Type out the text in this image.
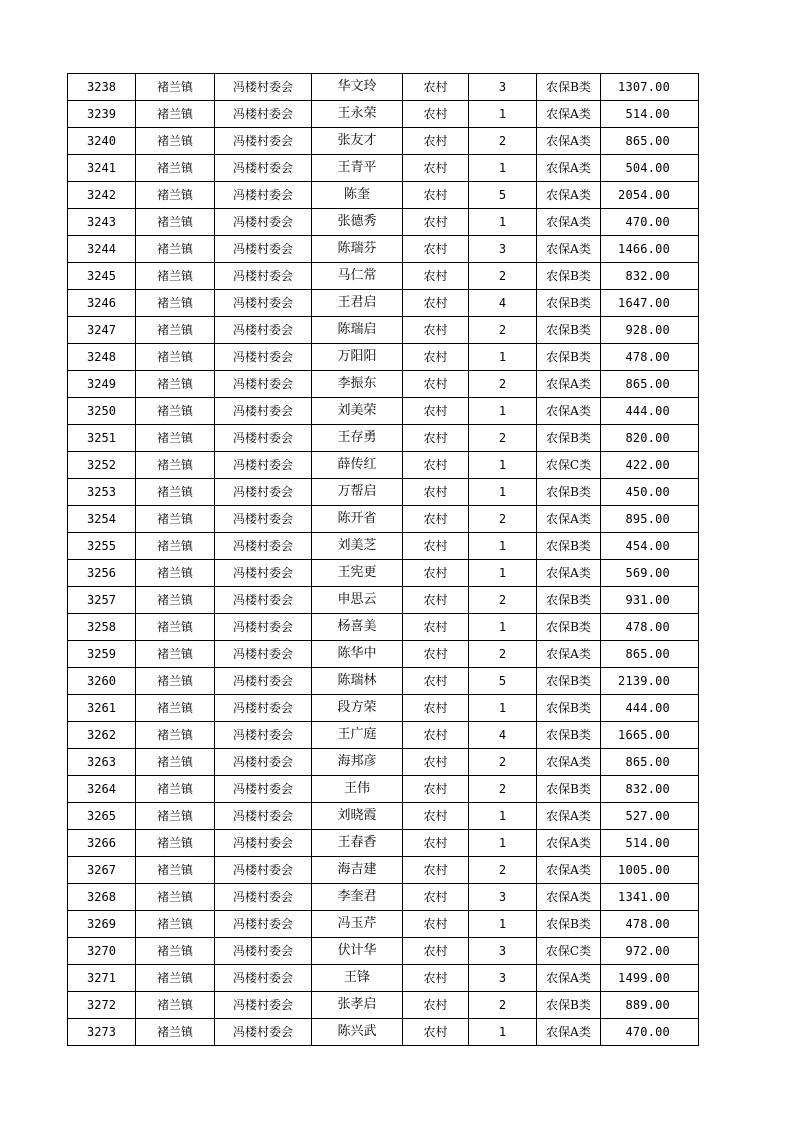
3238	褚兰镇	冯楼村委会	华文玲	农村	3	农保B类	1307.00
3239	褚兰镇	冯楼村委会	王永荣	农村	1	农保A类	514.00
3240	褚兰镇	冯楼村委会	张友才	农村	2	农保A类	865.00
3241	褚兰镇	冯楼村委会	王青平	农村	1	农保A类	504.00
3242	褚兰镇	冯楼村委会	陈奎	农村	5	农保A类	2054.00
3243	褚兰镇	冯楼村委会	张德秀	农村	1	农保A类	470.00
3244	褚兰镇	冯楼村委会	陈瑞芬	农村	3	农保A类	1466.00
3245	褚兰镇	冯楼村委会	马仁常	农村	2	农保B类	832.00
3246	褚兰镇	冯楼村委会	王君启	农村	4	农保B类	1647.00
3247	褚兰镇	冯楼村委会	陈瑞启	农村	2	农保B类	928.00
3248	褚兰镇	冯楼村委会	万阳阳	农村	1	农保B类	478.00
3249	褚兰镇	冯楼村委会	李振东	农村	2	农保A类	865.00
3250	褚兰镇	冯楼村委会	刘美荣	农村	1	农保A类	444.00
3251	褚兰镇	冯楼村委会	王存勇	农村	2	农保B类	820.00
3252	褚兰镇	冯楼村委会	薛传红	农村	1	农保C类	422.00
3253	褚兰镇	冯楼村委会	万帮启	农村	1	农保B类	450.00
3254	褚兰镇	冯楼村委会	陈开省	农村	2	农保A类	895.00
3255	褚兰镇	冯楼村委会	刘美芝	农村	1	农保B类	454.00
3256	褚兰镇	冯楼村委会	王宪更	农村	1	农保A类	569.00
3257	褚兰镇	冯楼村委会	申思云	农村	2	农保B类	931.00
3258	褚兰镇	冯楼村委会	杨喜美	农村	1	农保B类	478.00
3259	褚兰镇	冯楼村委会	陈华中	农村	2	农保A类	865.00
3260	褚兰镇	冯楼村委会	陈瑞林	农村	5	农保B类	2139.00
3261	褚兰镇	冯楼村委会	段方荣	农村	1	农保B类	444.00
3262	褚兰镇	冯楼村委会	王广庭	农村	4	农保B类	1665.00
3263	褚兰镇	冯楼村委会	海邦彦	农村	2	农保A类	865.00
3264	褚兰镇	冯楼村委会	王伟	农村	2	农保B类	832.00
3265	褚兰镇	冯楼村委会	刘晓霞	农村	1	农保A类	527.00
3266	褚兰镇	冯楼村委会	王春香	农村	1	农保A类	514.00
3267	褚兰镇	冯楼村委会	海吉建	农村	2	农保A类	1005.00
3268	褚兰镇	冯楼村委会	李奎君	农村	3	农保A类	1341.00
3269	褚兰镇	冯楼村委会	冯玉芹	农村	1	农保B类	478.00
3270	褚兰镇	冯楼村委会	伏计华	农村	3	农保C类	972.00
3271	褚兰镇	冯楼村委会	王锋	农村	3	农保A类	1499.00
3272	褚兰镇	冯楼村委会	张孝启	农村	2	农保B类	889.00
3273	褚兰镇	冯楼村委会	陈兴武	农村	1	农保A类	470.00
